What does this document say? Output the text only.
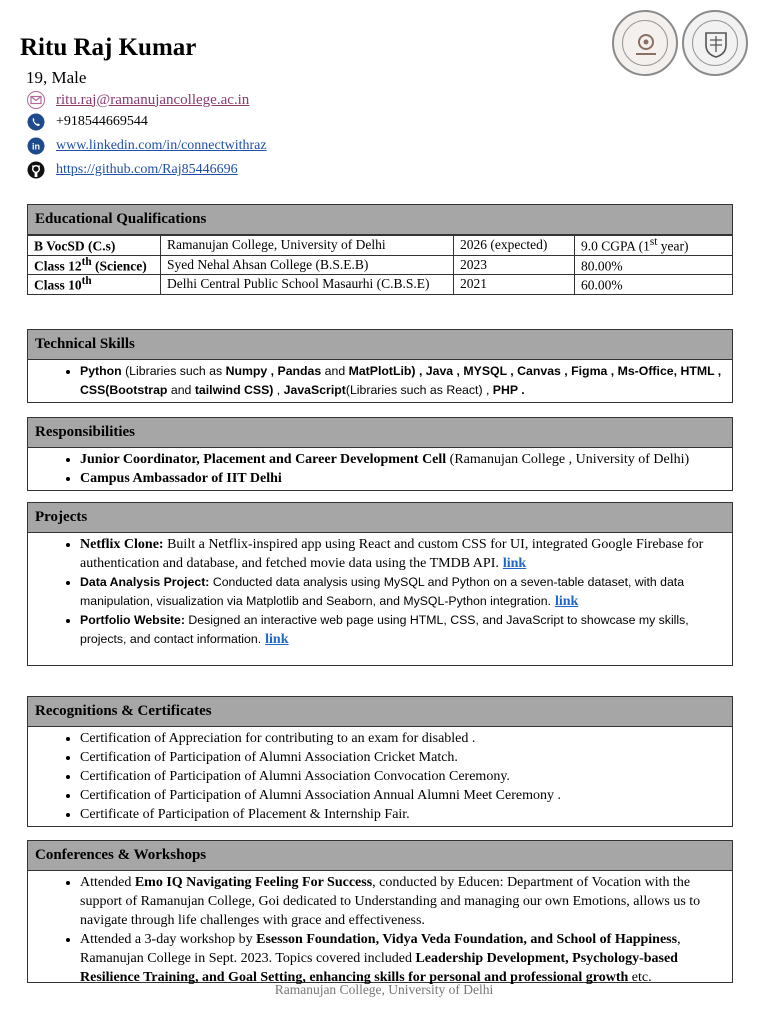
Ritu Raj Kumar
19, Male
ritu.raj@ramanujancollege.ac.in
+918544669544
in www.linkedin.com/in/connectwithraz
https://github.com/Raj85446696
Educational Qualifications
B VocSD (C.s)	Ramanujan College, University of Delhi	2026 (expected)	9.0 CGPA (1st year)
Class 12th (Science)	Syed Nehal Ahsan College (B.S.E.B)	2023	80.00%
Class 10th	Delhi Central Public School Masaurhi (C.B.S.E)	2021	60.00%
Technical Skills
• Python (Libraries such as Numpy , Pandas and MatPlotLib) , Java , MYSQL , Canvas , Figma , Ms-Office, HTML , CSS(Bootstrap and tailwind CSS) , JavaScript(Libraries such as React) , PHP .
Responsibilities
• Junior Coordinator, Placement and Career Development Cell (Ramanujan College , University of Delhi)
• Campus Ambassador of IIT Delhi
Projects
• Netflix Clone: Built a Netflix-inspired app using React and custom CSS for UI, integrated Google Firebase for authentication and database, and fetched movie data using the TMDB API. link
• Data Analysis Project: Conducted data analysis using MySQL and Python on a seven-table dataset, with data manipulation, visualization via Matplotlib and Seaborn, and MySQL-Python integration. link
• Portfolio Website: Designed an interactive web page using HTML, CSS, and JavaScript to showcase my skills, projects, and contact information. link
Recognitions & Certificates
• Certification of Appreciation for contributing to an exam for disabled .
• Certification of Participation of Alumni Association Cricket Match.
• Certification of Participation of Alumni Association Convocation Ceremony.
• Certification of Participation of Alumni Association Annual Alumni Meet Ceremony .
• Certificate of Participation of Placement & Internship Fair.
Conferences & Workshops
• Attended Emo IQ Navigating Feeling For Success, conducted by Educen: Department of Vocation with the support of Ramanujan College, Goi dedicated to Understanding and managing our own Emotions, allows us to navigate through life challenges with grace and effectiveness.
• Attended a 3-day workshop by Esesson Foundation, Vidya Veda Foundation, and School of Happiness, Ramanujan College in Sept. 2023. Topics covered included Leadership Development, Psychology-based Resilience Training, and Goal Setting, enhancing skills for personal and professional growth etc.
Ramanujan College, University of Delhi
